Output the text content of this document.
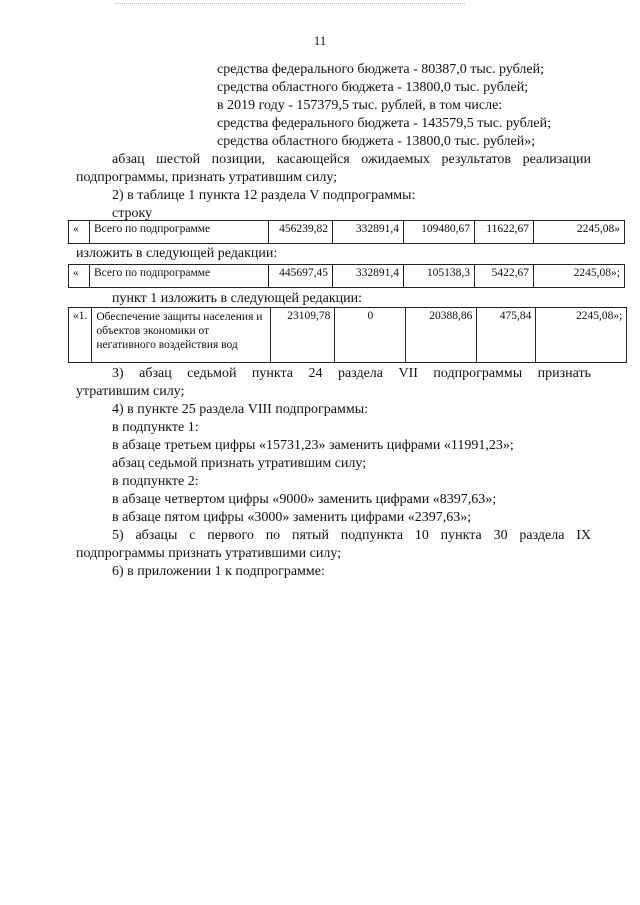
11
средства федерального бюджета - 80387,0 тыс. рублей;
средства областного бюджета - 13800,0 тыс. рублей;
в 2019 году - 157379,5 тыс. рублей, в том числе:
средства федерального бюджета - 143579,5 тыс. рублей;
средства областного бюджета - 13800,0 тыс. рублей»;
абзац шестой позиции, касающейся ожидаемых результатов реализации
подпрограммы, признать утратившим силу;
2) в таблице 1 пункта 12 раздела V подпрограммы:
строку
«	Всего по подпрограмме	456239,82	332891,4	109480,67	11622,67	2245,08»
изложить в следующей редакции:
«	Всего по подпрограмме	445697,45	332891,4	105138,3	5422,67	2245,08»;
пункт 1 изложить в следующей редакции:
«1.	Обеспечение защиты населения и объектов экономики от негативного воздействия вод	23109,78	0	20388,86	475,84	2245,08»;
3) абзац седьмой пункта 24 раздела VII подпрограммы признать
утратившим силу;
4) в пункте 25 раздела VIII подпрограммы:
в подпункте 1:
в абзаце третьем цифры «15731,23» заменить цифрами «11991,23»;
абзац седьмой признать утратившим силу;
в подпункте 2:
в абзаце четвертом цифры «9000» заменить цифрами «8397,63»;
в абзаце пятом цифры «3000» заменить цифрами «2397,63»;
5) абзацы с первого по пятый подпункта 10 пункта 30 раздела IX
подпрограммы признать утратившими силу;
6) в приложении 1 к подпрограмме:
